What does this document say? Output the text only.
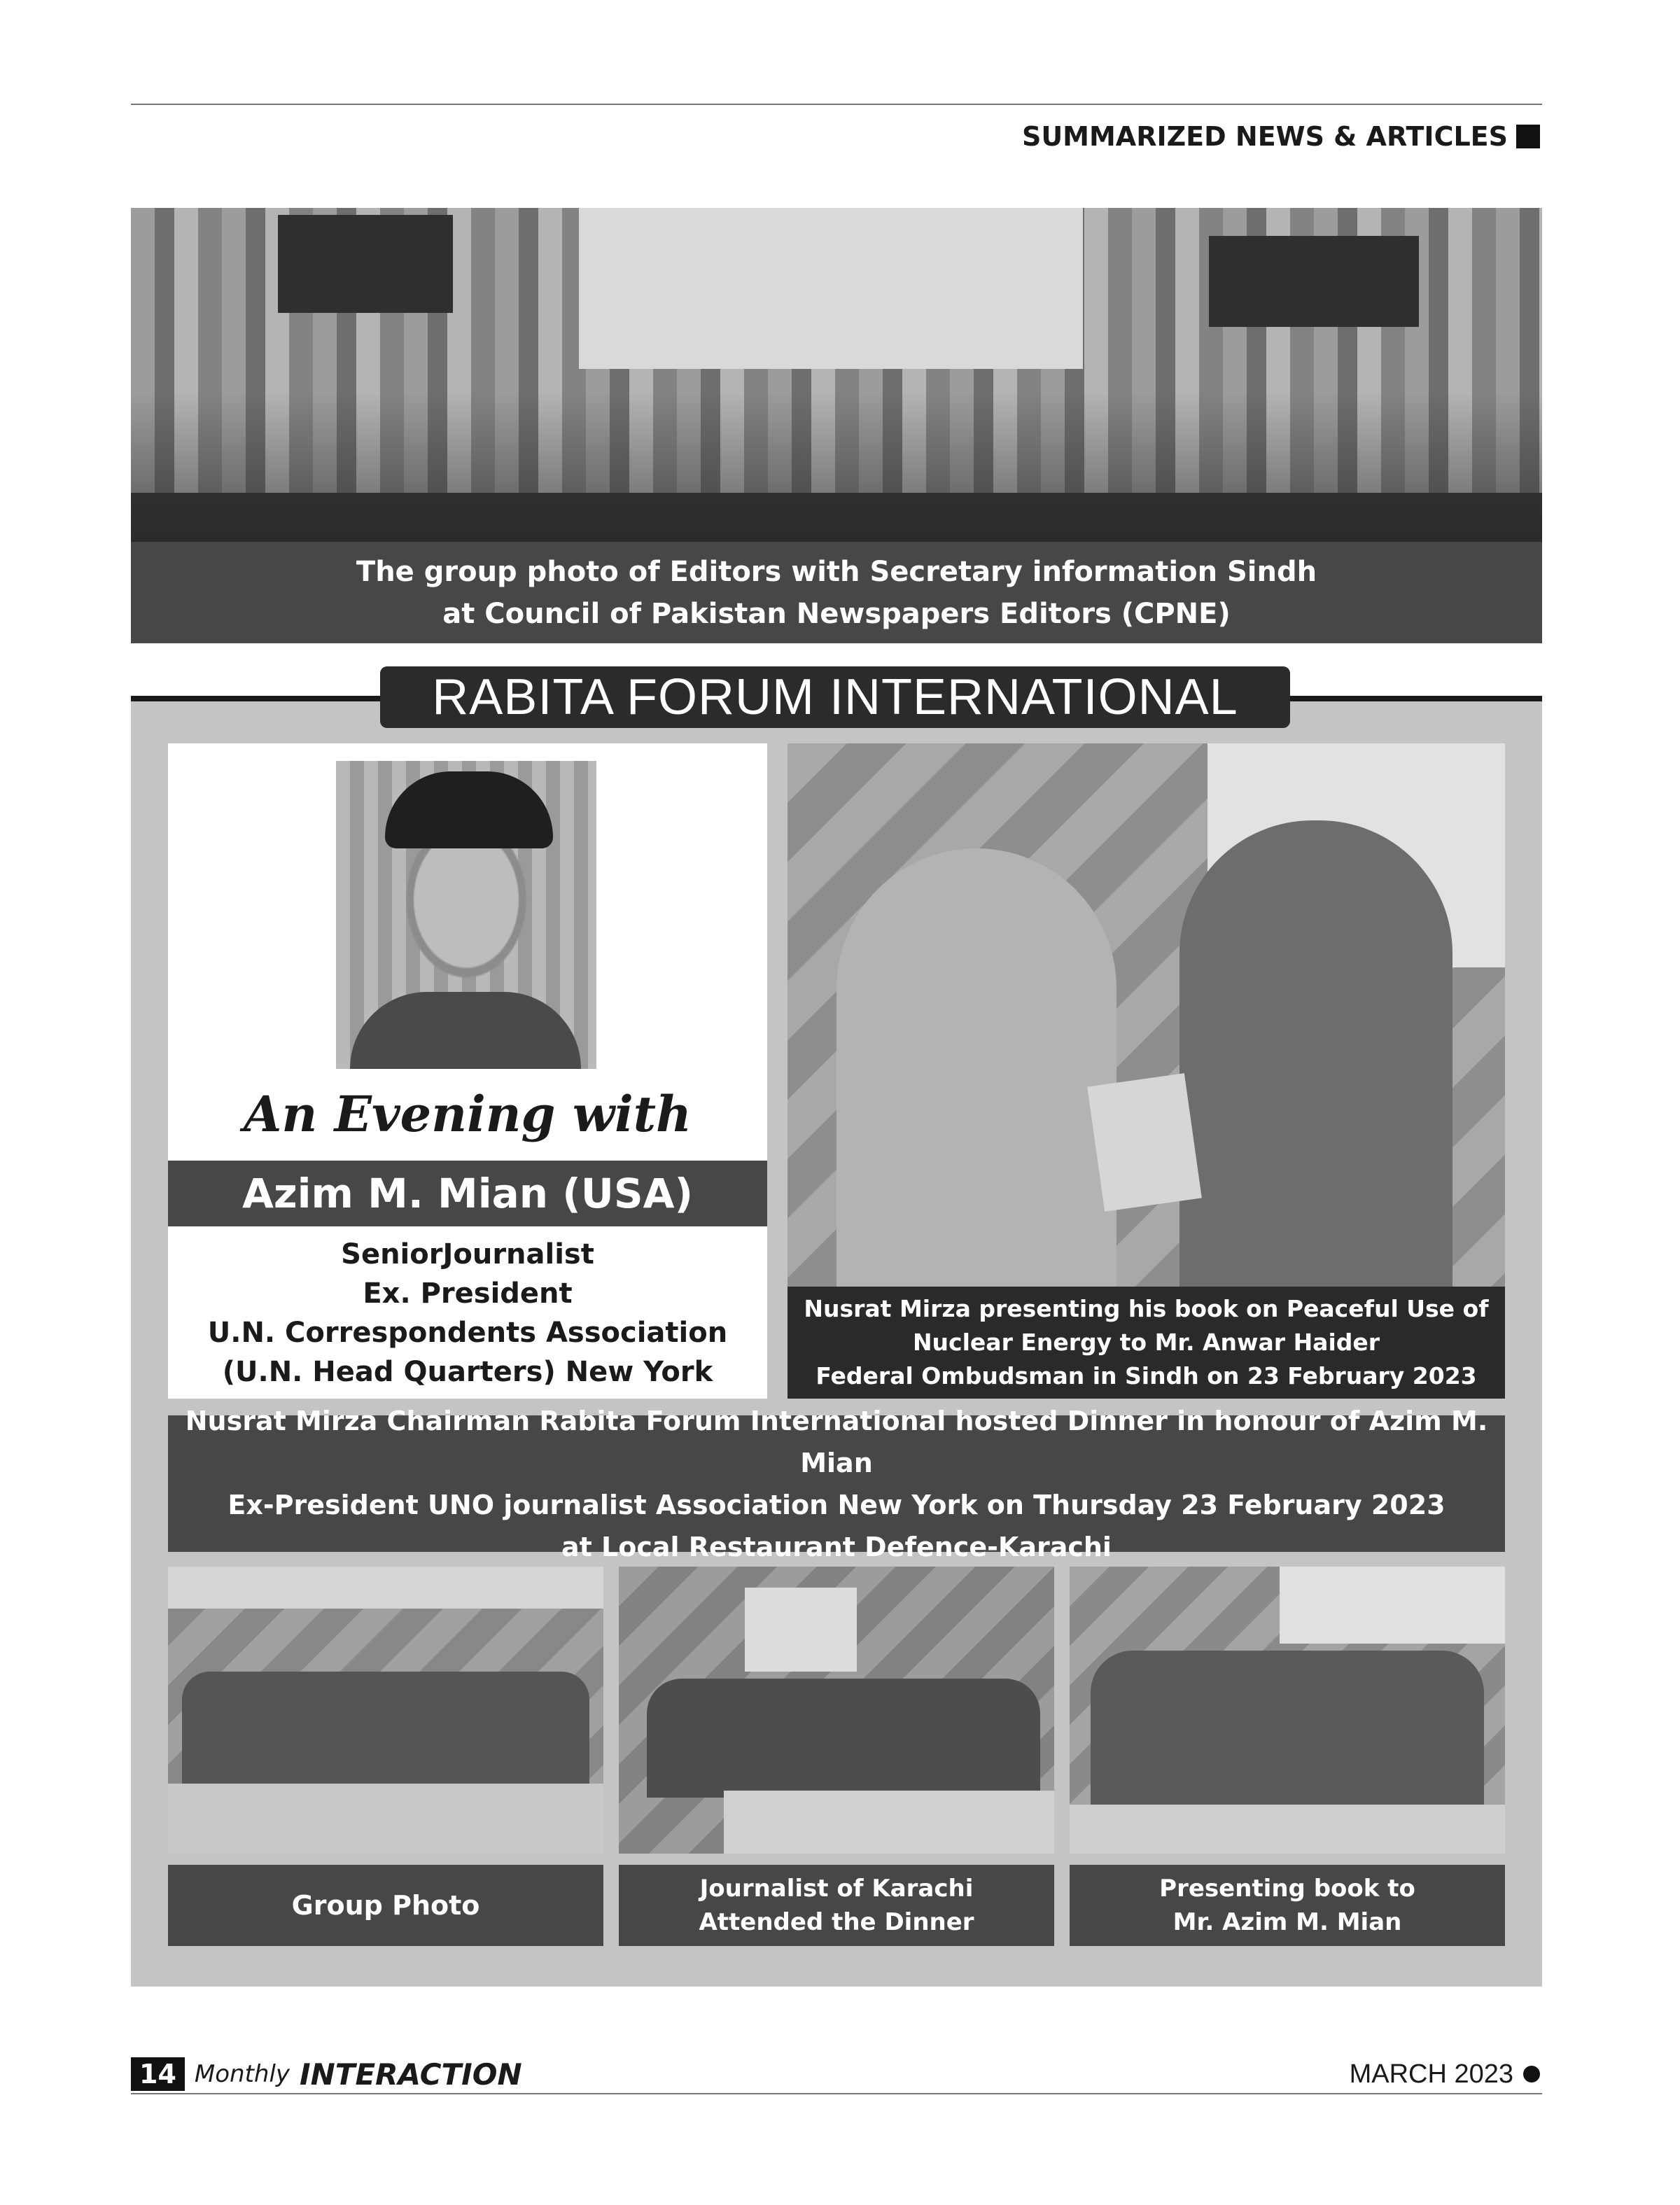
SUMMARIZED NEWS & ARTICLES
The group photo of Editors with Secretary information Sindh
at Council of Pakistan Newspapers Editors (CPNE)
RABITA FORUM INTERNATIONAL
An Evening with
Azim M. Mian (USA)
SeniorJournalist
Ex. President
U.N. Correspondents Association
(U.N. Head Quarters) New York
Nusrat Mirza presenting his book on Peaceful Use of
Nuclear Energy to Mr. Anwar Haider
Federal Ombudsman in Sindh on 23 February 2023
Nusrat Mirza Chairman Rabita Forum International hosted Dinner in honour of Azim M. Mian
Ex-President UNO journalist Association New York on Thursday 23 February 2023
at Local Restaurant Defence-Karachi
Group Photo
Journalist of Karachi
Attended the Dinner
Presenting book to
Mr. Azim M. Mian
14 Monthly INTERACTION	MARCH 2023
